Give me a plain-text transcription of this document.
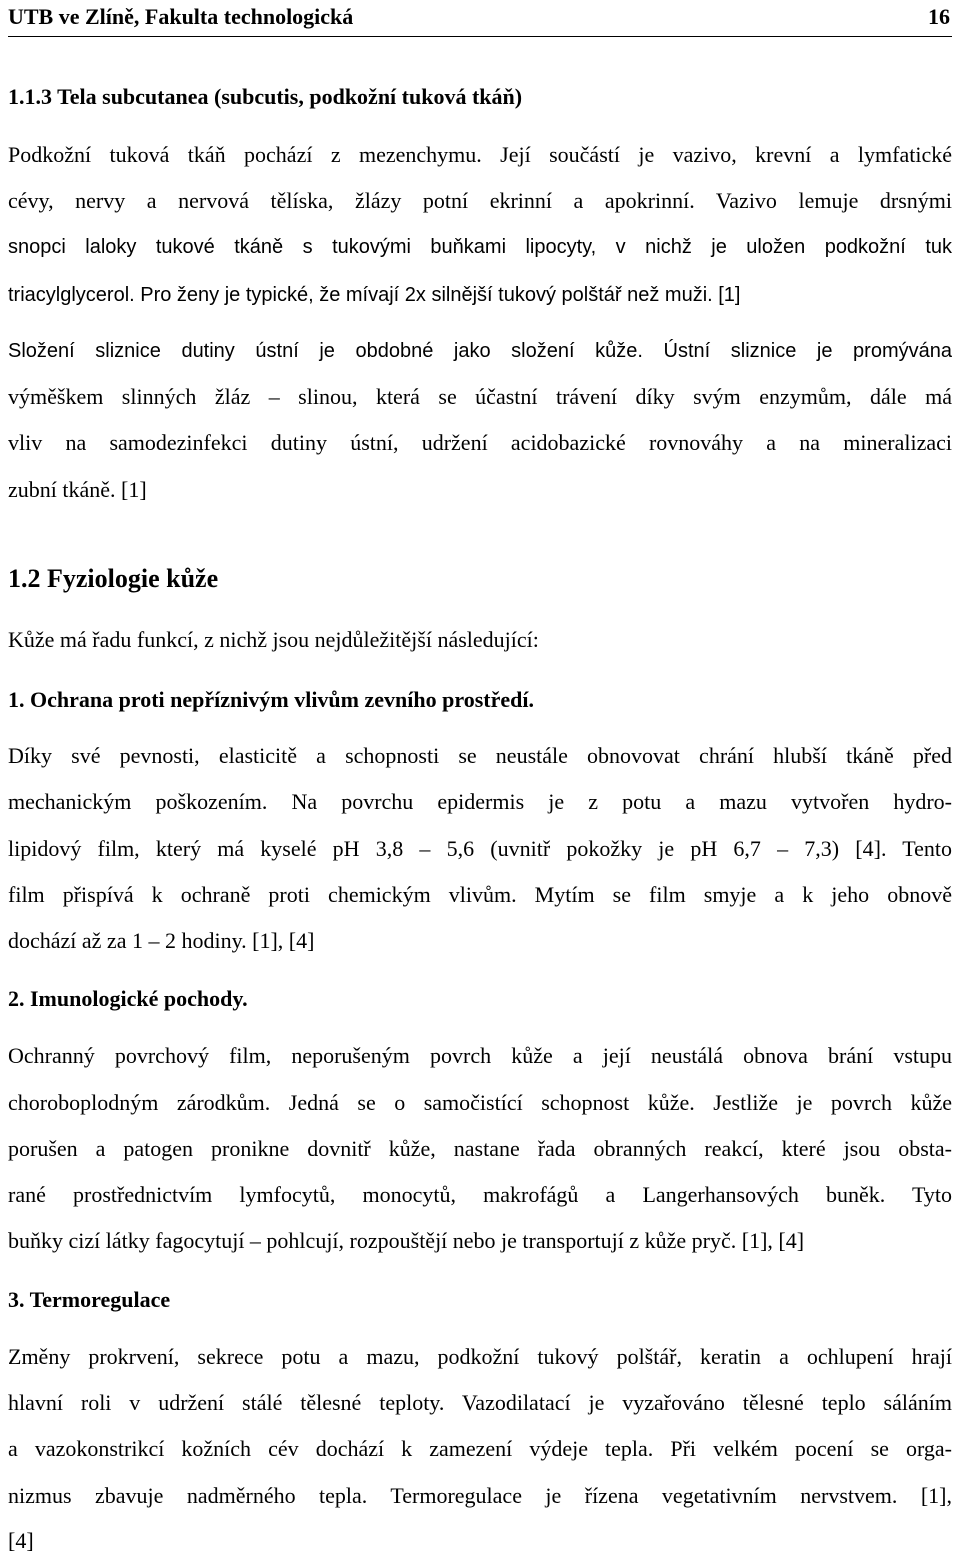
UTB ve Zlíně, Fakulta technologická	16
1.1.3 Tela subcutanea (subcutis, podkožní tuková tkáň)
Podkožní tuková tkáň pochází z mezenchymu. Její součástí je vazivo, krevní a lymfatické
cévy, nervy a nervová tělíska, žlázy potní ekrinní a apokrinní. Vazivo lemuje drsnými
snopci laloky tukové tkáně s tukovými buňkami lipocyty, v nichž je uložen podkožní tuk
triacylglycerol. Pro ženy je typické, že mívají 2x silnější tukový polštář než muži. [1]
Složení sliznice dutiny ústní je obdobné jako složení kůže. Ústní sliznice je promývána
výměškem slinných žláz – slinou, která se účastní trávení díky svým enzymům, dále má
vliv na samodezinfekci dutiny ústní, udržení acidobazické rovnováhy a na mineralizaci
zubní tkáně. [1]
1.2 Fyziologie kůže
Kůže má řadu funkcí, z nichž jsou nejdůležitější následující:
1. Ochrana proti nepříznivým vlivům zevního prostředí.
Díky své pevnosti, elasticitě a schopnosti se neustále obnovovat chrání hlubší tkáně před
mechanickým poškozením. Na povrchu epidermis je z potu a mazu vytvořen hydro-
lipidový film, který má kyselé pH 3,8 – 5,6 (uvnitř pokožky je pH 6,7 – 7,3) [4]. Tento
film přispívá k ochraně proti chemickým vlivům. Mytím se film smyje a k jeho obnově
dochází až za 1 – 2 hodiny. [1], [4]
2. Imunologické pochody.
Ochranný povrchový film, neporušeným povrch kůže a její neustálá obnova brání vstupu
choroboplodným zárodkům. Jedná se o samočistící schopnost kůže. Jestliže je povrch kůže
porušen a patogen pronikne dovnitř kůže, nastane řada obranných reakcí, které jsou obsta-
rané prostřednictvím lymfocytů, monocytů, makrofágů a Langerhansových buněk. Tyto
buňky cizí látky fagocytují – pohlcují, rozpouštějí nebo je transportují z kůže pryč. [1], [4]
3. Termoregulace
Změny prokrvení, sekrece potu a mazu, podkožní tukový polštář, keratin a ochlupení hrají
hlavní roli v udržení stálé tělesné teploty. Vazodilatací je vyzařováno tělesné teplo sáláním
a vazokonstrikcí kožních cév dochází k zamezení výdeje tepla. Při velkém pocení se orga-
nizmus zbavuje nadměrného tepla. Termoregulace je řízena vegetativním nervstvem. [1],
[4]
